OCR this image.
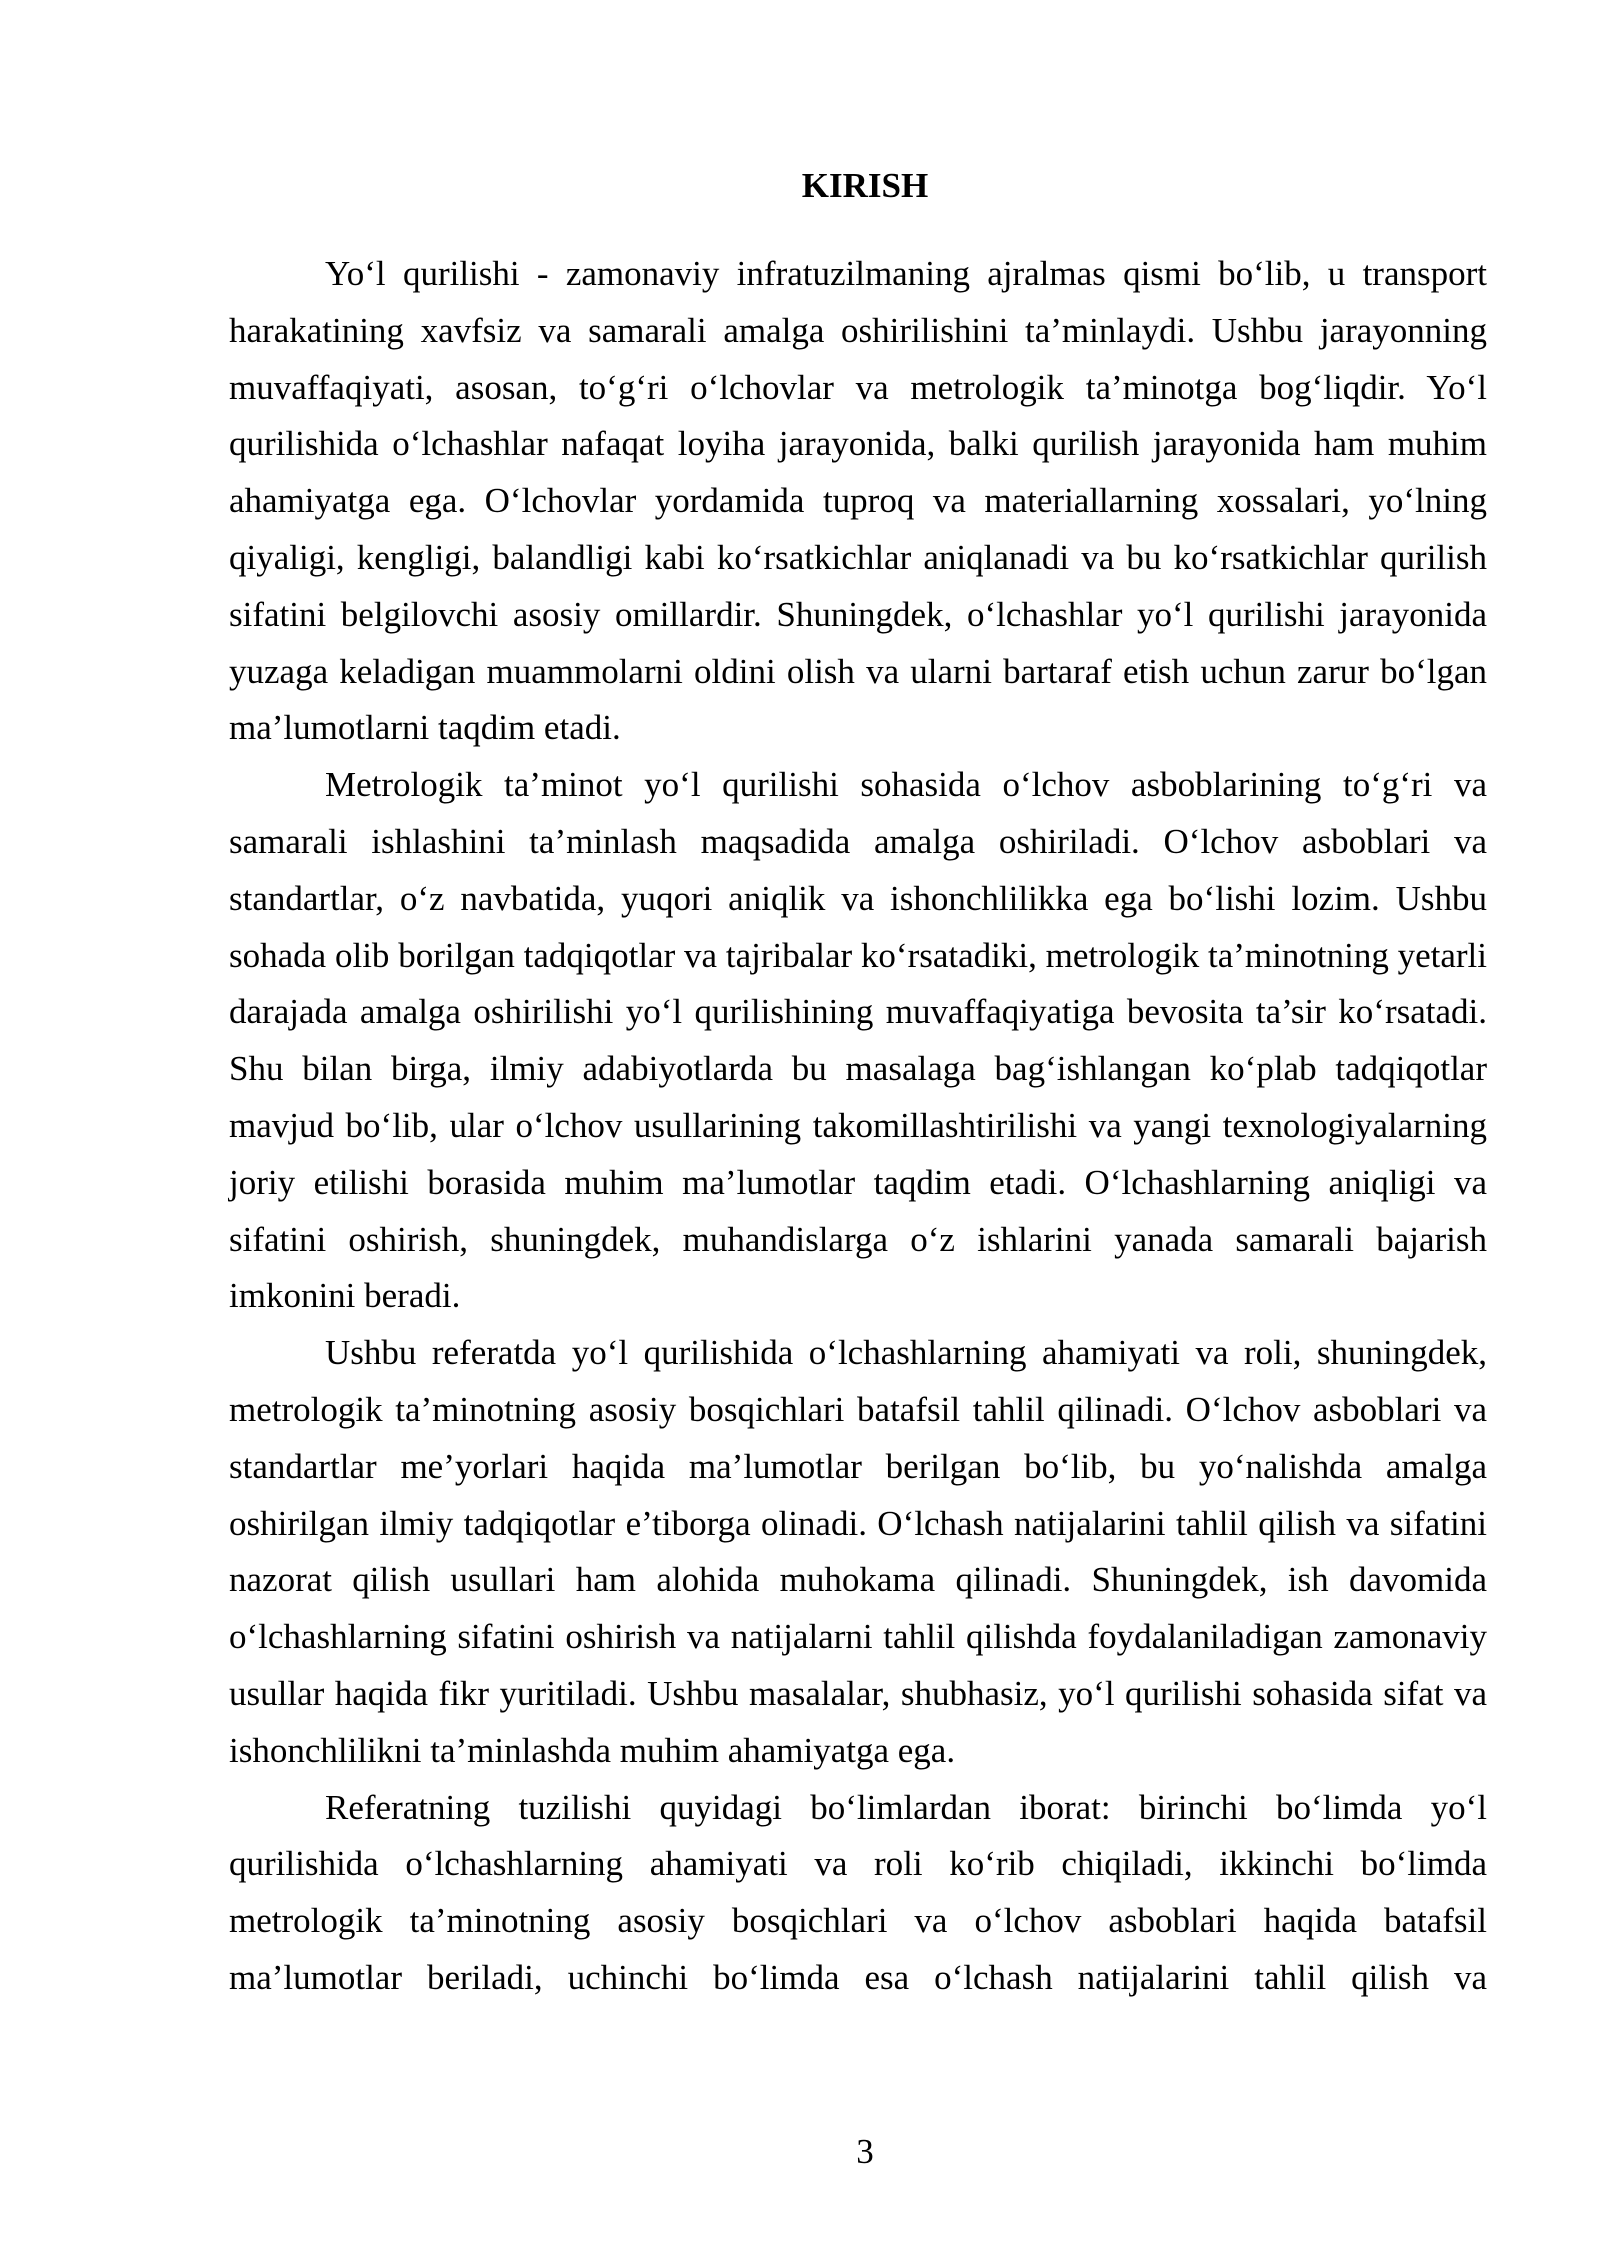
KIRISH

Yo‘l qurilishi - zamonaviy infratuzilmaning ajralmas qismi bo‘lib, u transport harakatining xavfsiz va samarali amalga oshirilishini ta’minlaydi. Ushbu jarayonning muvaffaqiyati, asosan, to‘g‘ri o‘lchovlar va metrologik ta’minotga bog‘liqdir. Yo‘l qurilishida o‘lchashlar nafaqat loyiha jarayonida, balki qurilish jarayonida ham muhim ahamiyatga ega. O‘lchovlar yordamida tuproq va materiallarning xossalari, yo‘lning qiyaligi, kengligi, balandligi kabi ko‘rsatkichlar aniqlanadi va bu ko‘rsatkichlar qurilish sifatini belgilovchi asosiy omillardir. Shuningdek, o‘lchashlar yo‘l qurilishi jarayonida yuzaga keladigan muammolarni oldini olish va ularni bartaraf etish uchun zarur bo‘lgan ma’lumotlarni taqdim etadi.

Metrologik ta’minot yo‘l qurilishi sohasida o‘lchov asboblarining to‘g‘ri va samarali ishlashini ta’minlash maqsadida amalga oshiriladi. O‘lchov asboblari va standartlar, o‘z navbatida, yuqori aniqlik va ishonchlilikka ega bo‘lishi lozim. Ushbu sohada olib borilgan tadqiqotlar va tajribalar ko‘rsatadiki, metrologik ta’minotning yetarli darajada amalga oshirilishi yo‘l qurilishining muvaffaqiyatiga bevosita ta’sir ko‘rsatadi. Shu bilan birga, ilmiy adabiyotlarda bu masalaga bag‘ishlangan ko‘plab tadqiqotlar mavjud bo‘lib, ular o‘lchov usullarining takomillashtirilishi va yangi texnologiyalarning joriy etilishi borasida muhim ma’lumotlar taqdim etadi. O‘lchashlarning aniqligi va sifatini oshirish, shuningdek, muhandislarga o‘z ishlarini yanada samarali bajarish imkonini beradi.

Ushbu referatda yo‘l qurilishida o‘lchashlarning ahamiyati va roli, shuningdek, metrologik ta’minotning asosiy bosqichlari batafsil tahlil qilinadi. O‘lchov asboblari va standartlar me’yorlari haqida ma’lumotlar berilgan bo‘lib, bu yo‘nalishda amalga oshirilgan ilmiy tadqiqotlar e’tiborga olinadi. O‘lchash natijalarini tahlil qilish va sifatini nazorat qilish usullari ham alohida muhokama qilinadi. Shuningdek, ish davomida o‘lchashlarning sifatini oshirish va natijalarni tahlil qilishda foydalaniladigan zamonaviy usullar haqida fikr yuritiladi. Ushbu masalalar, shubhasiz, yo‘l qurilishi sohasida sifat va ishonchlilikni ta’minlashda muhim ahamiyatga ega.

Referatning tuzilishi quyidagi bo‘limlardan iborat: birinchi bo‘limda yo‘l qurilishida o‘lchashlarning ahamiyati va roli ko‘rib chiqiladi, ikkinchi bo‘limda metrologik ta’minotning asosiy bosqichlari va o‘lchov asboblari haqida batafsil ma’lumotlar beriladi, uchinchi bo‘limda esa o‘lchash natijalarini tahlil qilish va

3
